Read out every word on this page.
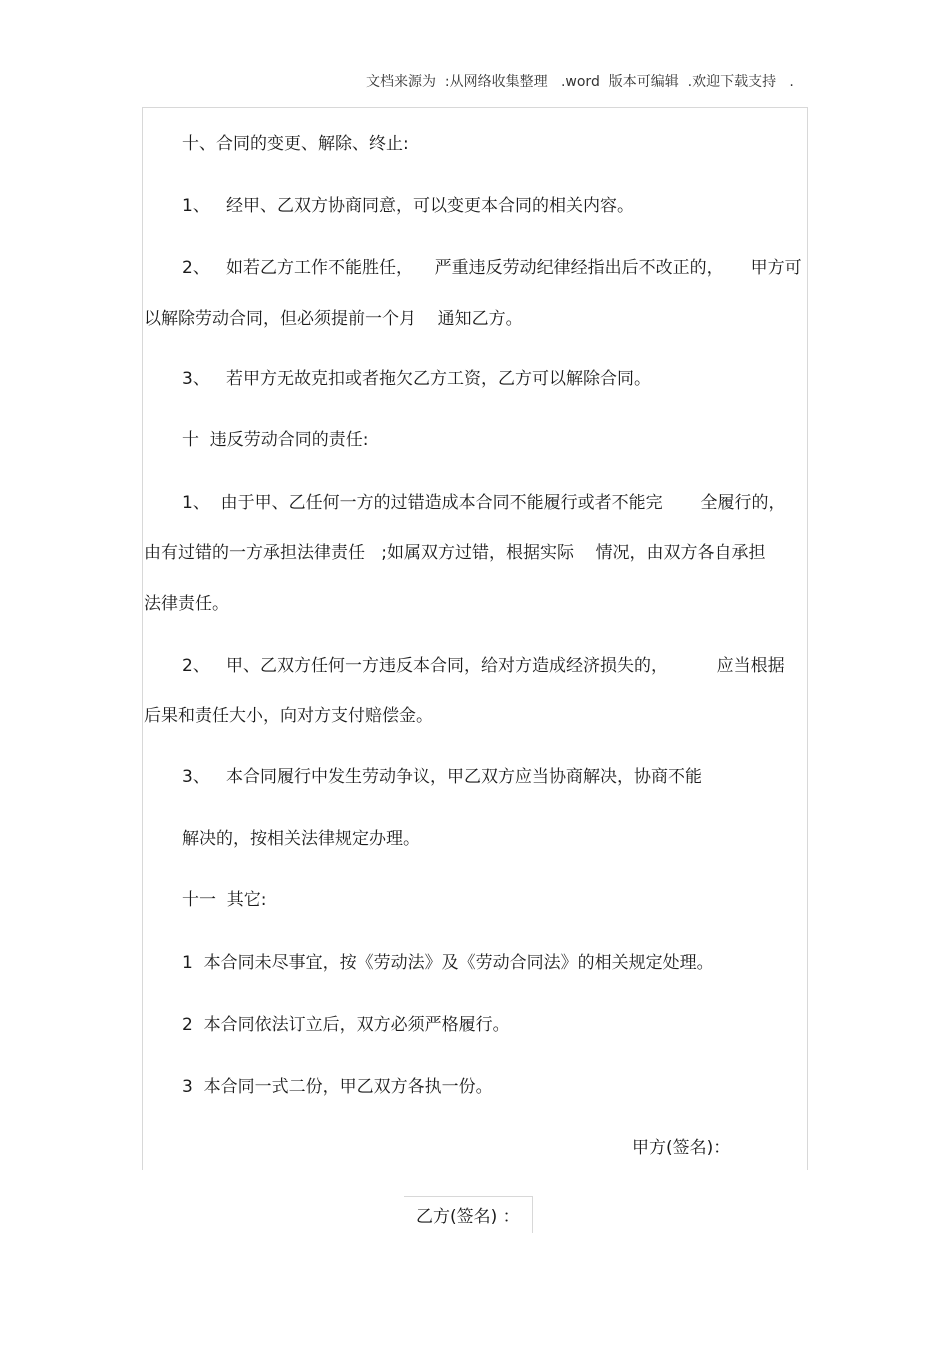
文档来源为  :从网络收集整理   .word  版本可编辑  .欢迎下载支持   .
十、合同的变更、解除、终止:
1、   经甲、乙双方协商同意，可以变更本合同的相关内容。
2、   如若乙方工作不能胜任，    严重违反劳动纪律经指出后不改正的，     甲方可
以解除劳动合同，但必须提前一个月    通知乙方。
3、   若甲方无故克扣或者拖欠乙方工资，乙方可以解除合同。
十  违反劳动合同的责任:
1、  由于甲、乙任何一方的过错造成本合同不能履行或者不能完       全履行的，
由有过错的一方承担法律责任   ;如属双方过错，根据实际    情况，由双方各自承担
法律责任。
2、   甲、乙双方任何一方违反本合同，给对方造成经济损失的，         应当根据
后果和责任大小，向对方支付赔偿金。
3、   本合同履行中发生劳动争议，甲乙双方应当协商解决，协商不能
解决的，按相关法律规定办理。
十一  其它:
1  本合同未尽事宜，按《劳动法》及《劳动合同法》的相关规定处理。
2  本合同依法订立后，双方必须严格履行。
3  本合同一式二份，甲乙双方各执一份。
甲方(签名)：
乙方(签名) ：
